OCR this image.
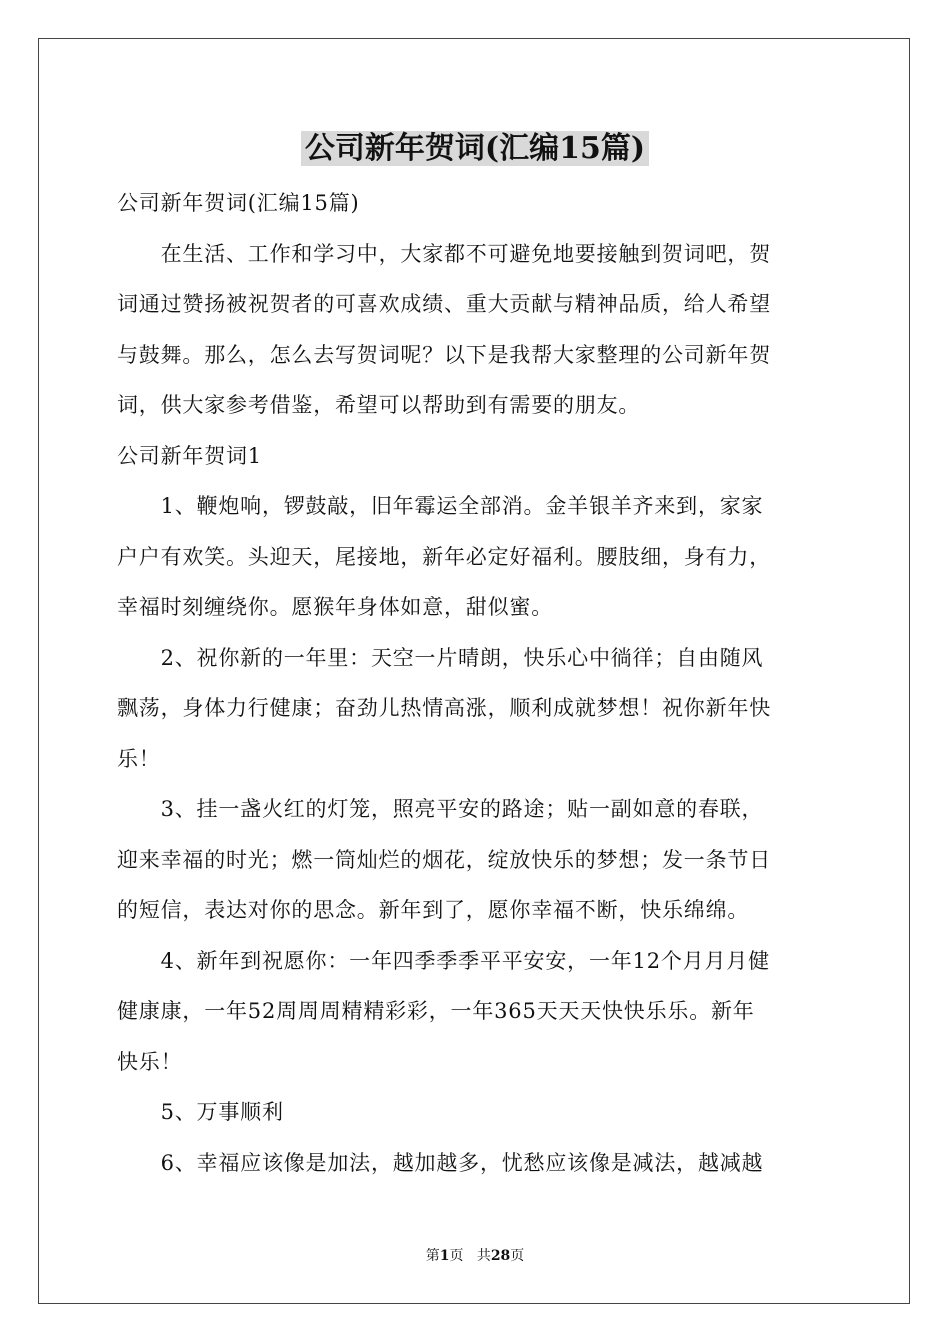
公司新年贺词(汇编15篇)
公司新年贺词(汇编15篇)
　　在生活、工作和学习中，大家都不可避免地要接触到贺词吧，贺
词通过赞扬被祝贺者的可喜欢成绩、重大贡献与精神品质，给人希望
与鼓舞。那么，怎么去写贺词呢？以下是我帮大家整理的公司新年贺
词，供大家参考借鉴，希望可以帮助到有需要的朋友。
公司新年贺词1
　　1、鞭炮响，锣鼓敲，旧年霉运全部消。金羊银羊齐来到，家家
户户有欢笑。头迎天，尾接地，新年必定好福利。腰肢细，身有力，
幸福时刻缠绕你。愿猴年身体如意，甜似蜜。
　　2、祝你新的一年里：天空一片晴朗，快乐心中徜徉；自由随风
飘荡，身体力行健康；奋劲儿热情高涨，顺利成就梦想！祝你新年快
乐！
　　3、挂一盏火红的灯笼，照亮平安的路途；贴一副如意的春联，
迎来幸福的时光；燃一筒灿烂的烟花，绽放快乐的梦想；发一条节日
的短信，表达对你的思念。新年到了，愿你幸福不断，快乐绵绵。
　　4、新年到祝愿你：一年四季季季平平安安，一年12个月月月健
健康康，一年52周周周精精彩彩，一年365天天天快快乐乐。新年
快乐！
　　5、万事顺利
　　6、幸福应该像是加法，越加越多，忧愁应该像是减法，越减越
第1页 共28页
